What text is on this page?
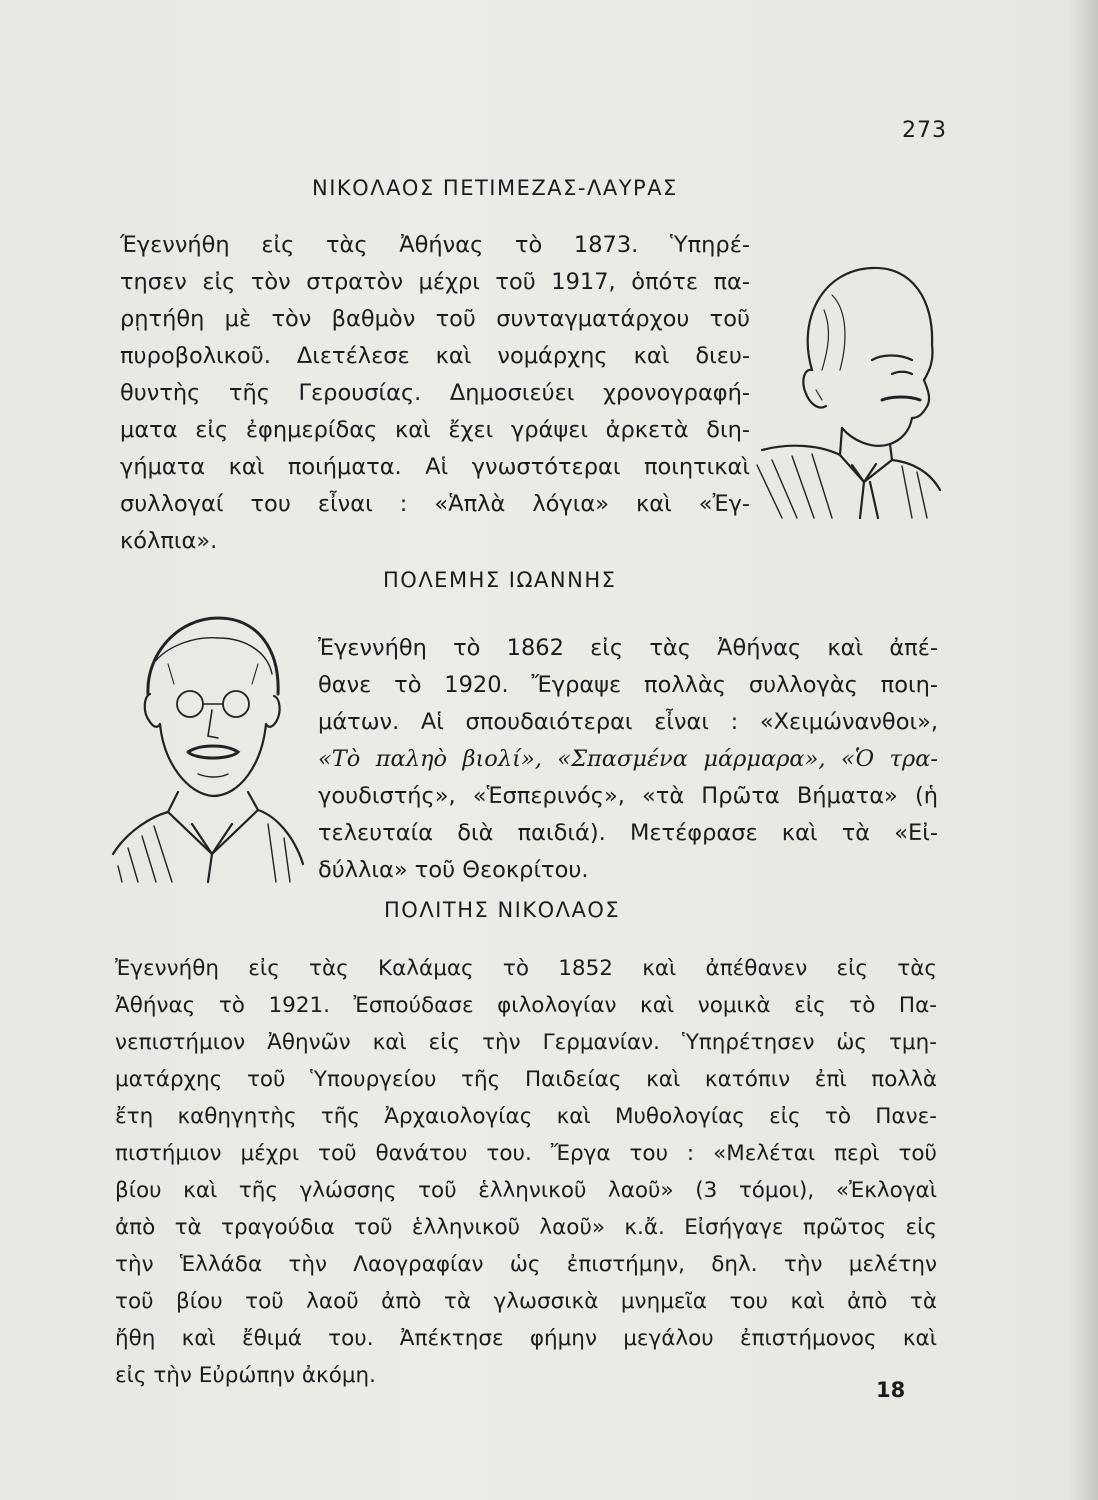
273
ΝΙΚΟΛΑΟΣ ΠΕΤΙΜΕΖΑΣ-ΛΑΥΡΑΣ
Έγεννήθη εἰς τὰς Ἀθήνας τὸ 1873. Ὑπηρέ-
τησεν εἰς τὸν στρατὸν μέχρι τοῦ 1917, ὁπότε πα-
ρῃτήθη μὲ τὸν βαθμὸν τοῦ συνταγματάρχου τοῦ
πυροβολικοῦ. Διετέλεσε καὶ νομάρχης καὶ διευ-
θυντὴς τῆς Γερουσίας. Δημοσιεύει χρονογραφή-
ματα εἰς ἐφημερίδας καὶ ἔχει γράψει ἀρκετὰ διη-
γήματα καὶ ποιήματα. Αἱ γνωστότεραι ποιητικαὶ
συλλογαί του εἶναι : «Ἁπλὰ λόγια» καὶ «Ἐγ-
κόλπια».
ΠΟΛΕΜΗΣ ΙΩΑΝΝΗΣ
Ἐγεννήθη τὸ 1862 εἰς τὰς Ἀθήνας καὶ ἀπέ-
θανε τὸ 1920. Ἔγραψε πολλὰς συλλογὰς ποιη-
μάτων. Αἱ σπουδαιότεραι εἶναι : «Χειμώνανθοι»,
«Τὸ παληὸ βιολί», «Σπασμένα μάρμαρα», «Ὁ τρα-
γουδιστής», «Ἑσπερινός», «τὰ Πρῶτα Βήματα» (ἡ
τελευταία διὰ παιδιά). Μετέφρασε καὶ τὰ «Εἰ-
δύλλια» τοῦ Θεοκρίτου.
ΠΟΛΙΤΗΣ ΝΙΚΟΛΑΟΣ
Ἐγεννήθη εἰς τὰς Καλάμας τὸ 1852 καὶ ἀπέθανεν εἰς τὰς
Ἀθήνας τὸ 1921. Ἐσπούδασε φιλολογίαν καὶ νομικὰ εἰς τὸ Πα-
νεπιστήμιον Ἀθηνῶν καὶ εἰς τὴν Γερμανίαν. Ὑπηρέτησεν ὡς τμη-
ματάρχης τοῦ Ὑπουργείου τῆς Παιδείας καὶ κατόπιν ἐπὶ πολλὰ
ἔτη καθηγητὴς τῆς Ἀρχαιολογίας καὶ Μυθολογίας εἰς τὸ Πανε-
πιστήμιον μέχρι τοῦ θανάτου του. Ἔργα του : «Μελέται περὶ τοῦ
βίου καὶ τῆς γλώσσης τοῦ ἑλληνικοῦ λαοῦ» (3 τόμοι), «Ἐκλογαὶ
ἀπὸ τὰ τραγούδια τοῦ ἑλληνικοῦ λαοῦ» κ.ἄ. Εἰσήγαγε πρῶτος εἰς
τὴν Ἑλλάδα τὴν Λαογραφίαν ὡς ἐπιστήμην, δηλ. τὴν μελέτην
τοῦ βίου τοῦ λαοῦ ἀπὸ τὰ γλωσσικὰ μνημεῖα του καὶ ἀπὸ τὰ
ἤθη καὶ ἔθιμά του. Ἀπέκτησε φήμην μεγάλου ἐπιστήμονος καὶ
εἰς τὴν Εὐρώπην ἀκόμη.
18
